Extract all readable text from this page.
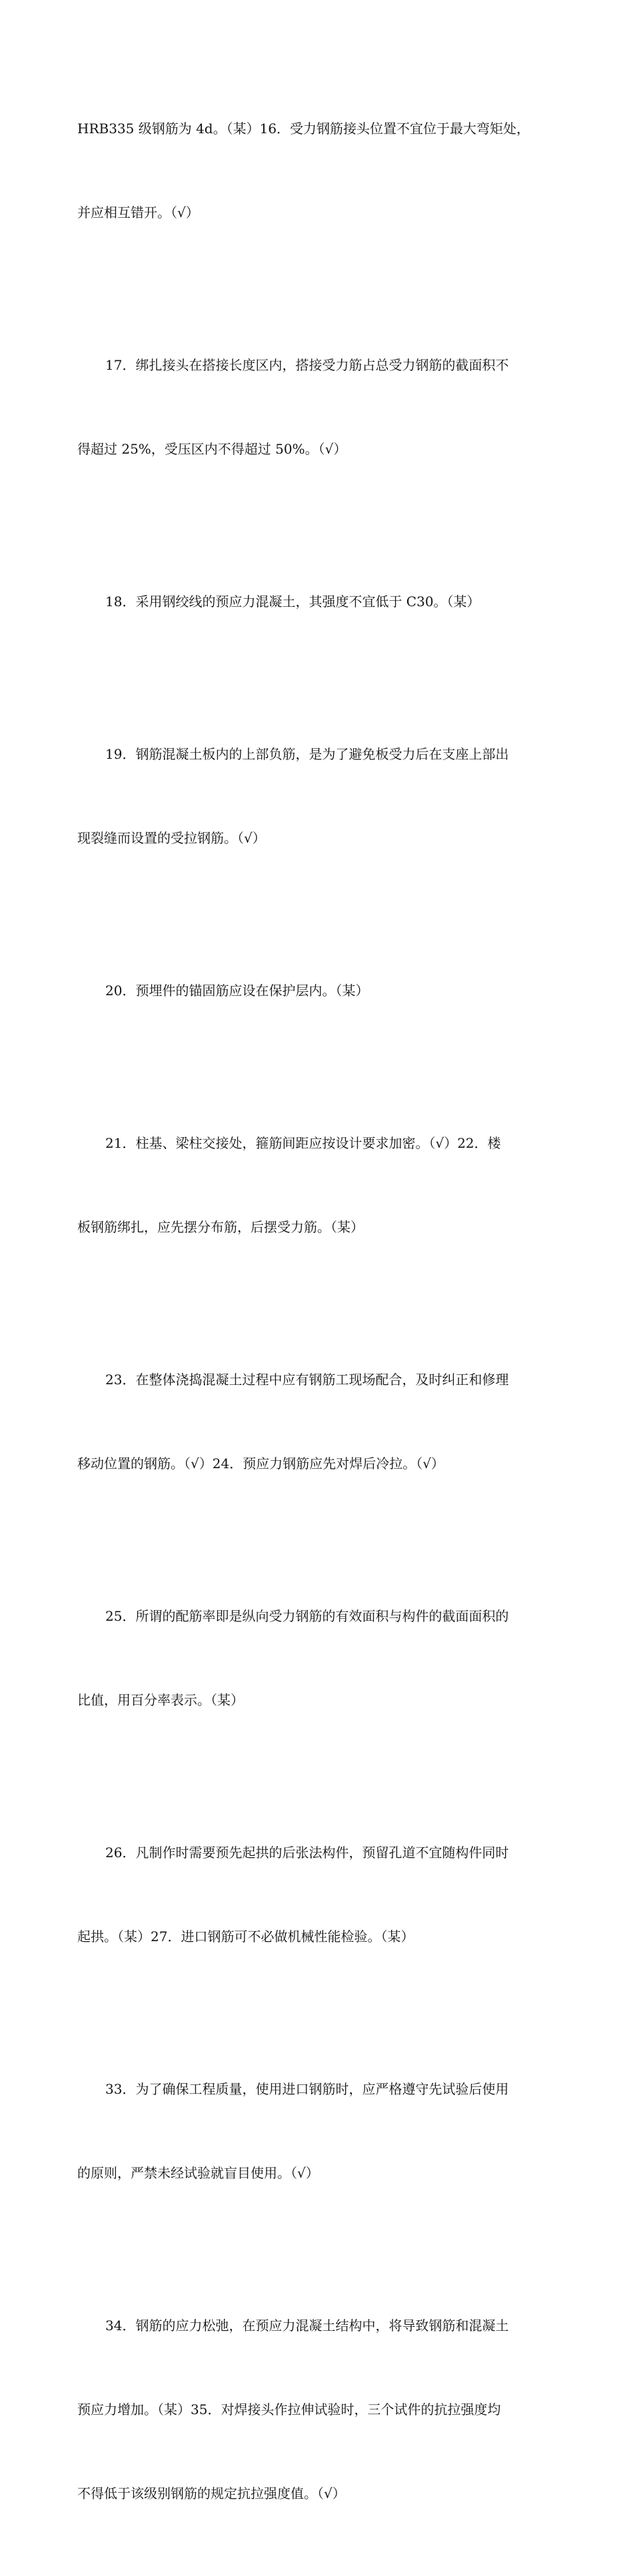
HRB335 级钢筋为 4d。（某）16．受力钢筋接头位置不宜位于最大弯矩处，

并应相互错开。（√）

17．绑扎接头在搭接长度区内，搭接受力筋占总受力钢筋的截面积不

得超过 25%，受压区内不得超过 50%。（√）

18．采用钢绞线的预应力混凝土，其强度不宜低于 C30。（某）

19．钢筋混凝土板内的上部负筋，是为了避免板受力后在支座上部出

现裂缝而设置的受拉钢筋。（√）

20．预埋件的锚固筋应设在保护层内。（某）

21．柱基、梁柱交接处，箍筋间距应按设计要求加密。（√）22．楼

板钢筋绑扎，应先摆分布筋，后摆受力筋。（某）

23．在整体浇捣混凝土过程中应有钢筋工现场配合，及时纠正和修理

移动位置的钢筋。（√）24．预应力钢筋应先对焊后冷拉。（√）

25．所谓的配筋率即是纵向受力钢筋的有效面积与构件的截面面积的

比值，用百分率表示。（某）

26．凡制作时需要预先起拱的后张法构件，预留孔道不宜随构件同时

起拱。（某）27．进口钢筋可不必做机械性能检验。（某）

33．为了确保工程质量，使用进口钢筋时，应严格遵守先试验后使用

的原则，严禁未经试验就盲目使用。（√）

34．钢筋的应力松弛，在预应力混凝土结构中，将导致钢筋和混凝土

预应力增加。（某）35．对焊接头作拉伸试验时，三个试件的抗拉强度均

不得低于该级别钢筋的规定抗拉强度值。（√）
